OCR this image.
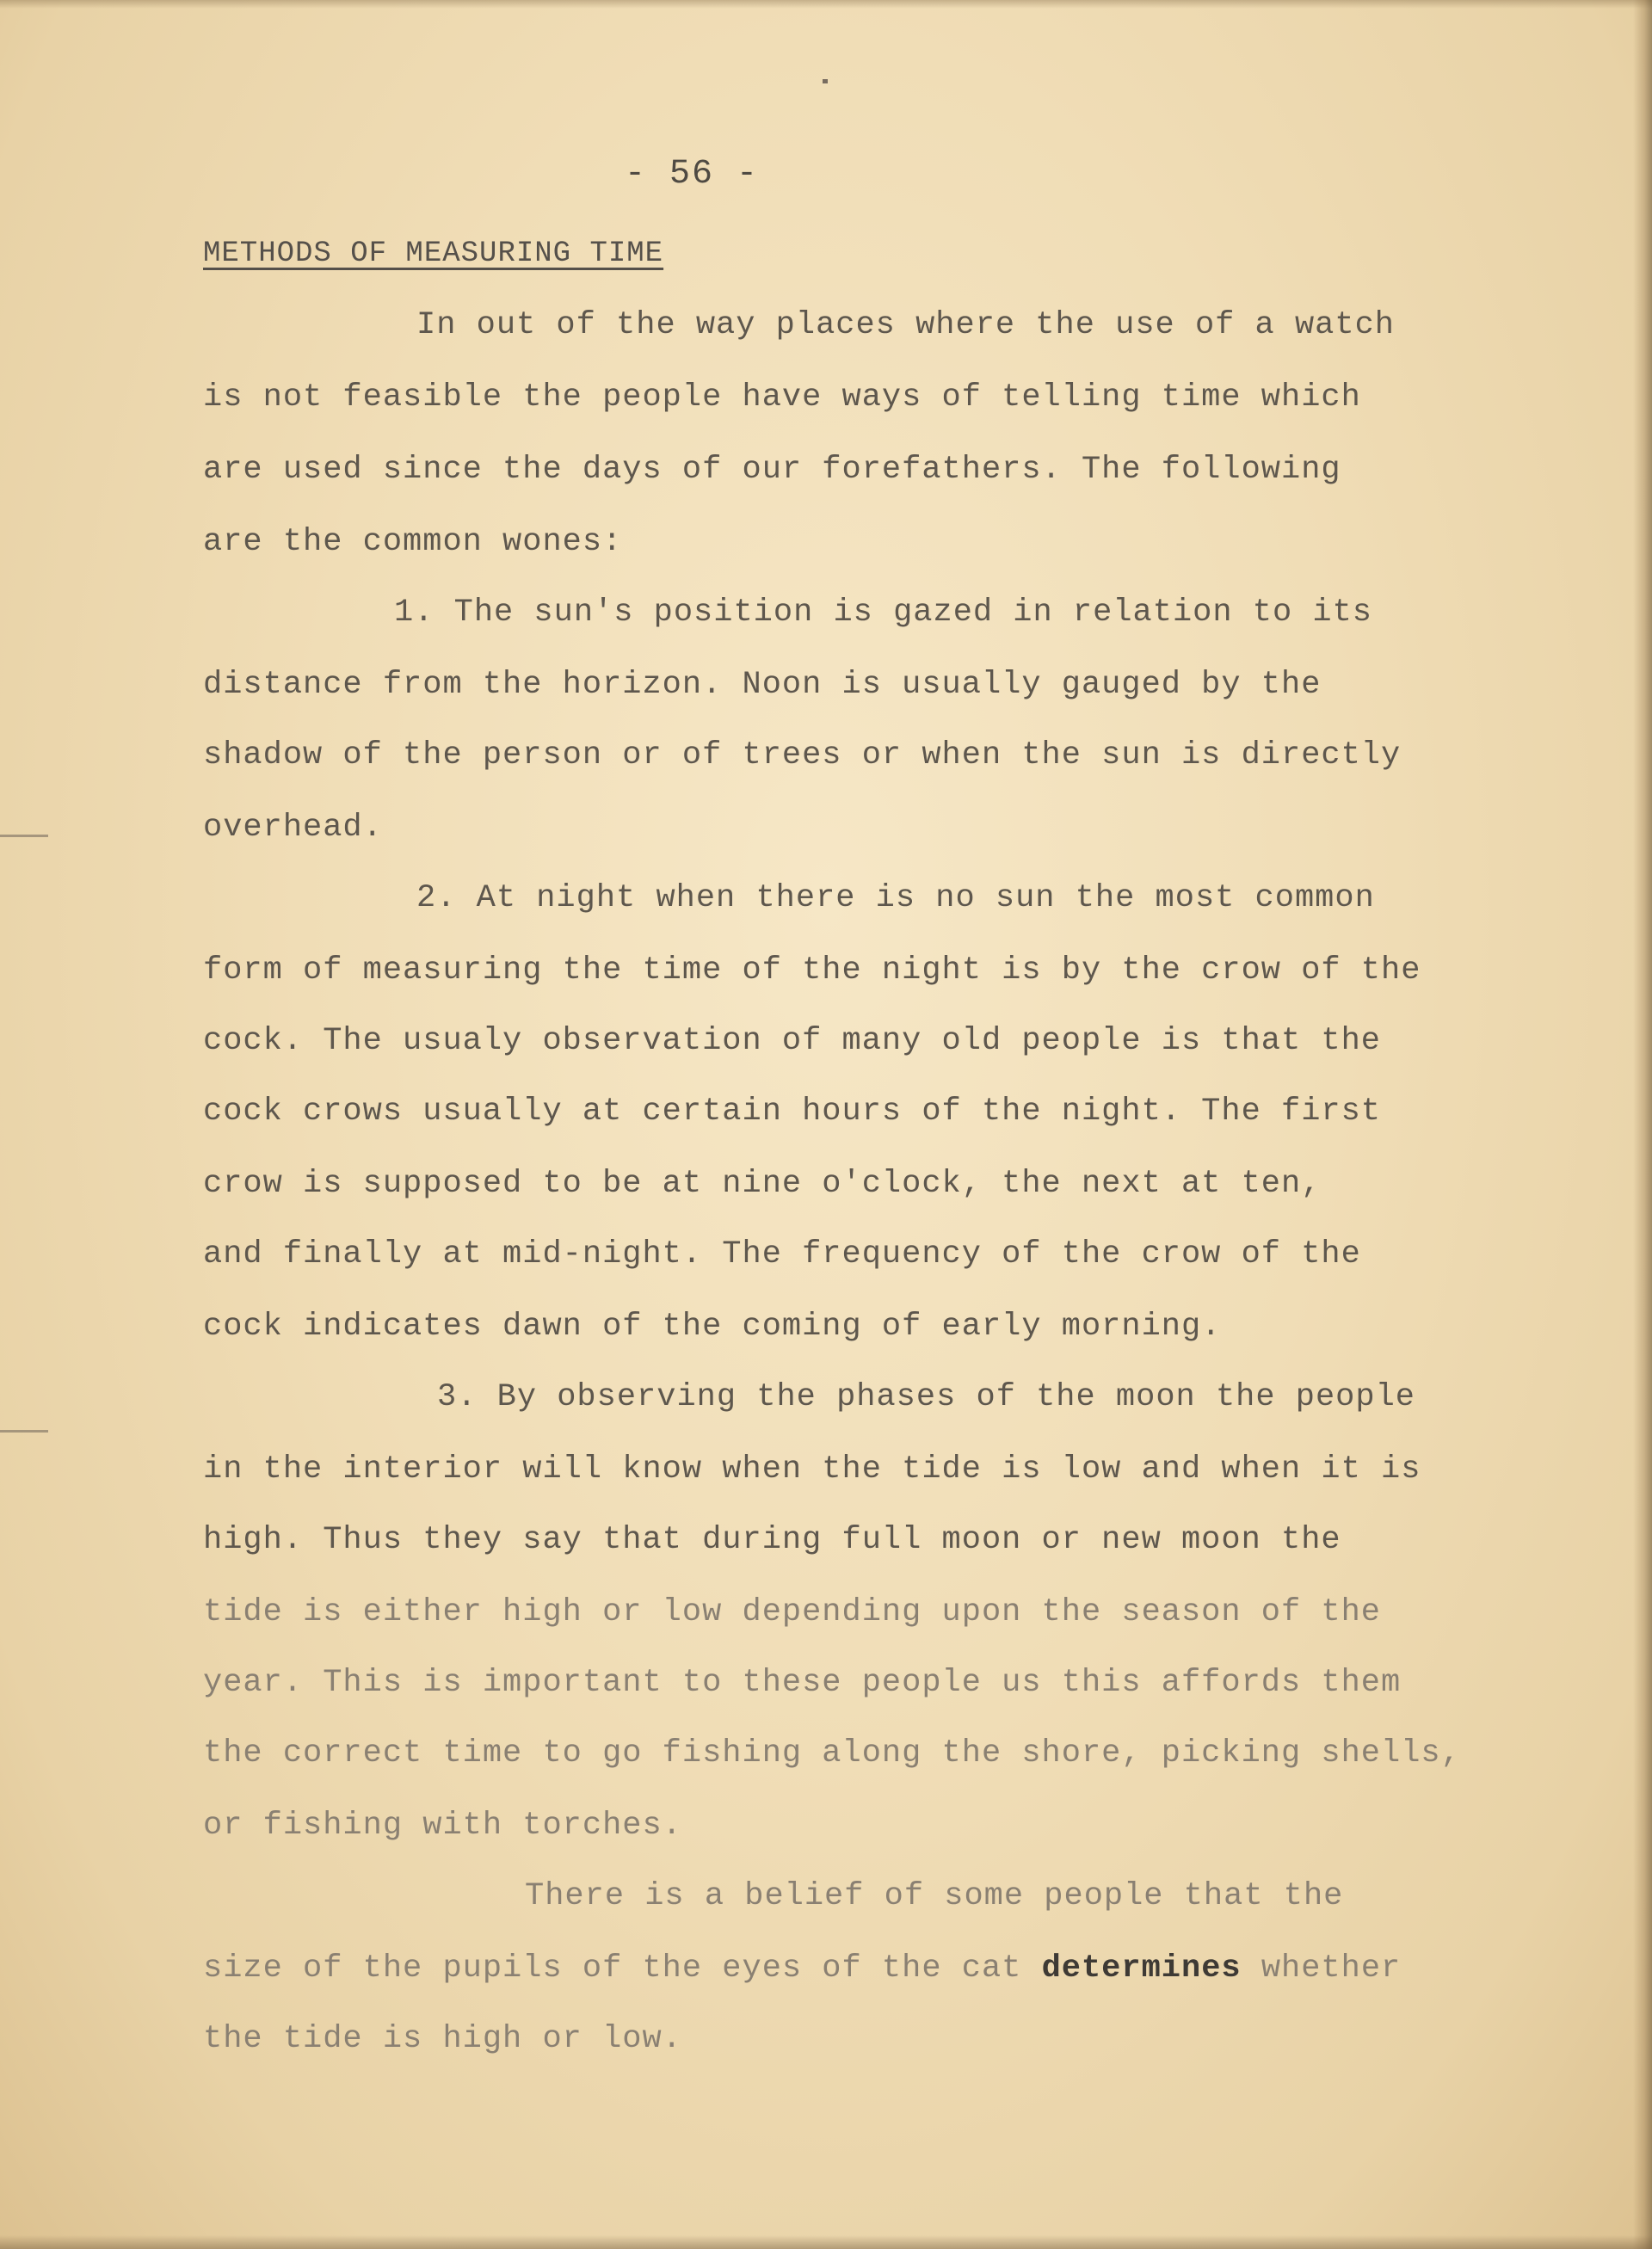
- 56 -
METHODS OF MEASURING TIME
In out of the way places where the use of a watch
is not feasible the people have ways of telling time which
are used since the days of our forefathers. The following
are the common wones:
1. The sun's position is gazed in relation to its
distance from the horizon. Noon is usually gauged by the
shadow of the person or of trees or when the sun is directly
overhead.
2. At night when there is no sun the most common
form of measuring the time of the night is by the crow of the
cock. The usualy observation of many old people is that the
cock crows usually at certain hours of the night. The first
crow is supposed to be at nine o'clock, the next at ten,
and finally at mid-night. The frequency of the crow of the
cock indicates dawn of the coming of early morning.
3. By observing the phases of the moon the people
in the interior will know when the tide is low and when it is
high. Thus they say that during full moon or new moon the
tide is either high or low depending upon the season of the
year. This is important to these people us this affords them
the correct time to go fishing along the shore, picking shells,
or fishing with torches.
There is a belief of some people that the
size of the pupils of the eyes of the cat determines whether
the tide is high or low.
